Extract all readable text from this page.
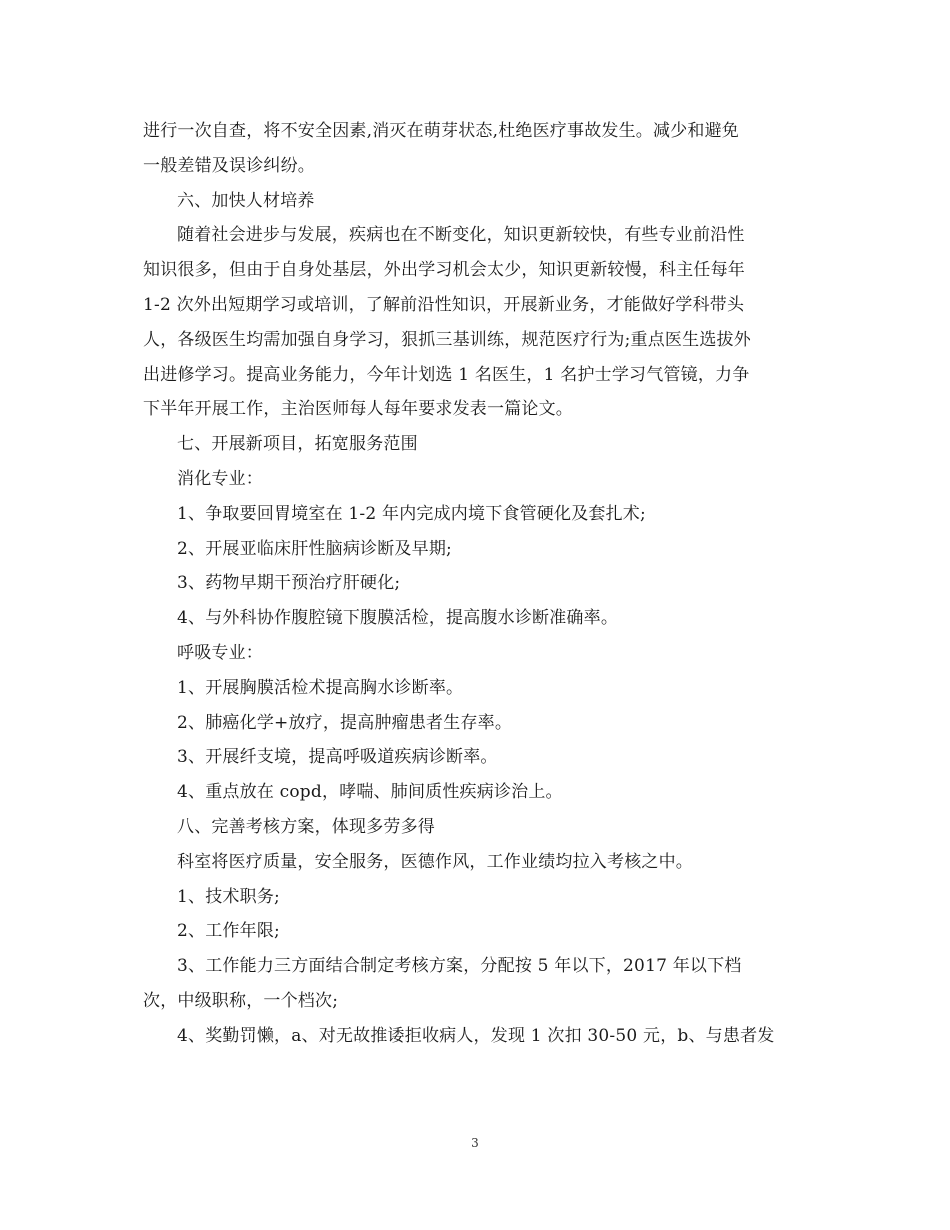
进行一次自查，将不安全因素,消灭在萌芽状态,杜绝医疗事故发生。减少和避免
一般差错及误诊纠纷。
六、加快人材培养
随着社会进步与发展，疾病也在不断变化，知识更新较快，有些专业前沿性
知识很多，但由于自身处基层，外出学习机会太少，知识更新较慢，科主任每年
1-2 次外出短期学习或培训，了解前沿性知识，开展新业务，才能做好学科带头
人，各级医生均需加强自身学习，狠抓三基训练，规范医疗行为;重点医生选拔外
出进修学习。提高业务能力，今年计划选 1 名医生，1 名护士学习气管镜，力争
下半年开展工作，主治医师每人每年要求发表一篇论文。
七、开展新项目，拓宽服务范围
消化专业：
1、争取要回胃境室在 1-2 年内完成内境下食管硬化及套扎术;
2、开展亚临床肝性脑病诊断及早期;
3、药物早期干预治疗肝硬化;
4、与外科协作腹腔镜下腹膜活检，提高腹水诊断准确率。
呼吸专业：
1、开展胸膜活检术提高胸水诊断率。
2、肺癌化学+放疗，提高肿瘤患者生存率。
3、开展纤支境，提高呼吸道疾病诊断率。
4、重点放在 copd，哮喘、肺间质性疾病诊治上。
八、完善考核方案，体现多劳多得
科室将医疗质量，安全服务，医德作风，工作业绩均拉入考核之中。
1、技术职务;
2、工作年限;
3、工作能力三方面结合制定考核方案，分配按 5 年以下，2017 年以下档
次，中级职称，一个档次;
4、奖勤罚懒，a、对无故推诿拒收病人，发现 1 次扣 30-50 元，b、与患者发
3
